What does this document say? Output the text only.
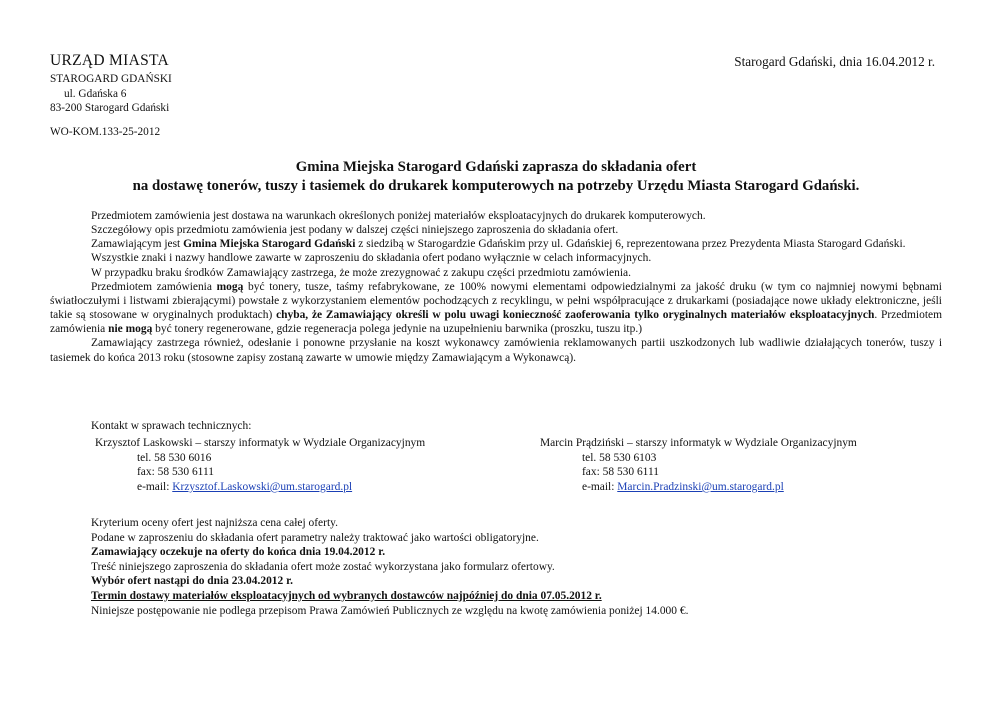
URZĄD MIASTA
STAROGARD GDAŃSKI
ul. Gdańska 6
83-200 Starogard Gdański
Starogard Gdański, dnia 16.04.2012 r.
WO-KOM.133-25-2012
Gmina Miejska Starogard Gdański zaprasza do składania ofert
na dostawę tonerów, tuszy i tasiemek do drukarek komputerowych na potrzeby Urzędu Miasta Starogard Gdański.

Przedmiotem zamówienia jest dostawa na warunkach określonych poniżej materiałów eksploatacyjnych do drukarek komputerowych.

Szczegółowy opis przedmiotu zamówienia jest podany w dalszej części niniejszego zaproszenia do składania ofert.

Zamawiającym jest Gmina Miejska Starogard Gdański z siedzibą w Starogardzie Gdańskim przy ul. Gdańskiej 6, reprezentowana przez Prezydenta Miasta Starogard Gdański.

Wszystkie znaki i nazwy handlowe zawarte w zaproszeniu do składania ofert podano wyłącznie w celach informacyjnych.

W przypadku braku środków Zamawiający zastrzega, że może zrezygnować z zakupu części przedmiotu zamówienia.

Przedmiotem zamówienia mogą być tonery, tusze, taśmy refabrykowane, ze 100% nowymi elementami odpowiedzialnymi za jakość druku (w tym co najmniej nowymi bębnami światłoczułymi i listwami zbierającymi) powstałe z wykorzystaniem elementów pochodzących z recyklingu, w pełni współpracujące z drukarkami (posiadające nowe układy elektroniczne, jeśli takie są stosowane w oryginalnych produktach) chyba, że Zamawiający określi w polu uwagi konieczność zaoferowania tylko oryginalnych materiałów eksploatacyjnych. Przedmiotem zamówienia nie mogą być tonery regenerowane, gdzie regeneracja polega jedynie na uzupełnieniu barwnika (proszku, tuszu itp.)

Zamawiający zastrzega również, odesłanie i ponowne przysłanie na koszt wykonawcy zamówienia reklamowanych partii uszkodzonych lub wadliwie działających tonerów, tuszy i tasiemek do końca 2013 roku (stosowne zapisy zostaną zawarte w umowie między Zamawiającym a Wykonawcą).

Kontakt w sprawach technicznych:
Krzysztof Laskowski – starszy informatyk w Wydziale Organizacyjnym
tel. 58 530 6016
fax: 58 530 6111
e-mail: Krzysztof.Laskowski@um.starogard.pl
Marcin Prądziński – starszy informatyk w Wydziale Organizacyjnym
tel. 58 530 6103
fax: 58 530 6111
e-mail: Marcin.Pradzinski@um.starogard.pl
Kryterium oceny ofert jest najniższa cena całej oferty.
Podane w zaproszeniu do składania ofert parametry należy traktować jako wartości obligatoryjne.
Zamawiający oczekuje na oferty do końca dnia 19.04.2012 r.
Treść niniejszego zaproszenia do składania ofert może zostać wykorzystana jako formularz ofertowy.
Wybór ofert nastąpi do dnia 23.04.2012 r.
Termin dostawy materiałów eksploatacyjnych od wybranych dostawców najpóźniej do dnia 07.05.2012 r.
Niniejsze postępowanie nie podlega przepisom Prawa Zamówień Publicznych ze względu na kwotę zamówienia poniżej 14.000 €.
